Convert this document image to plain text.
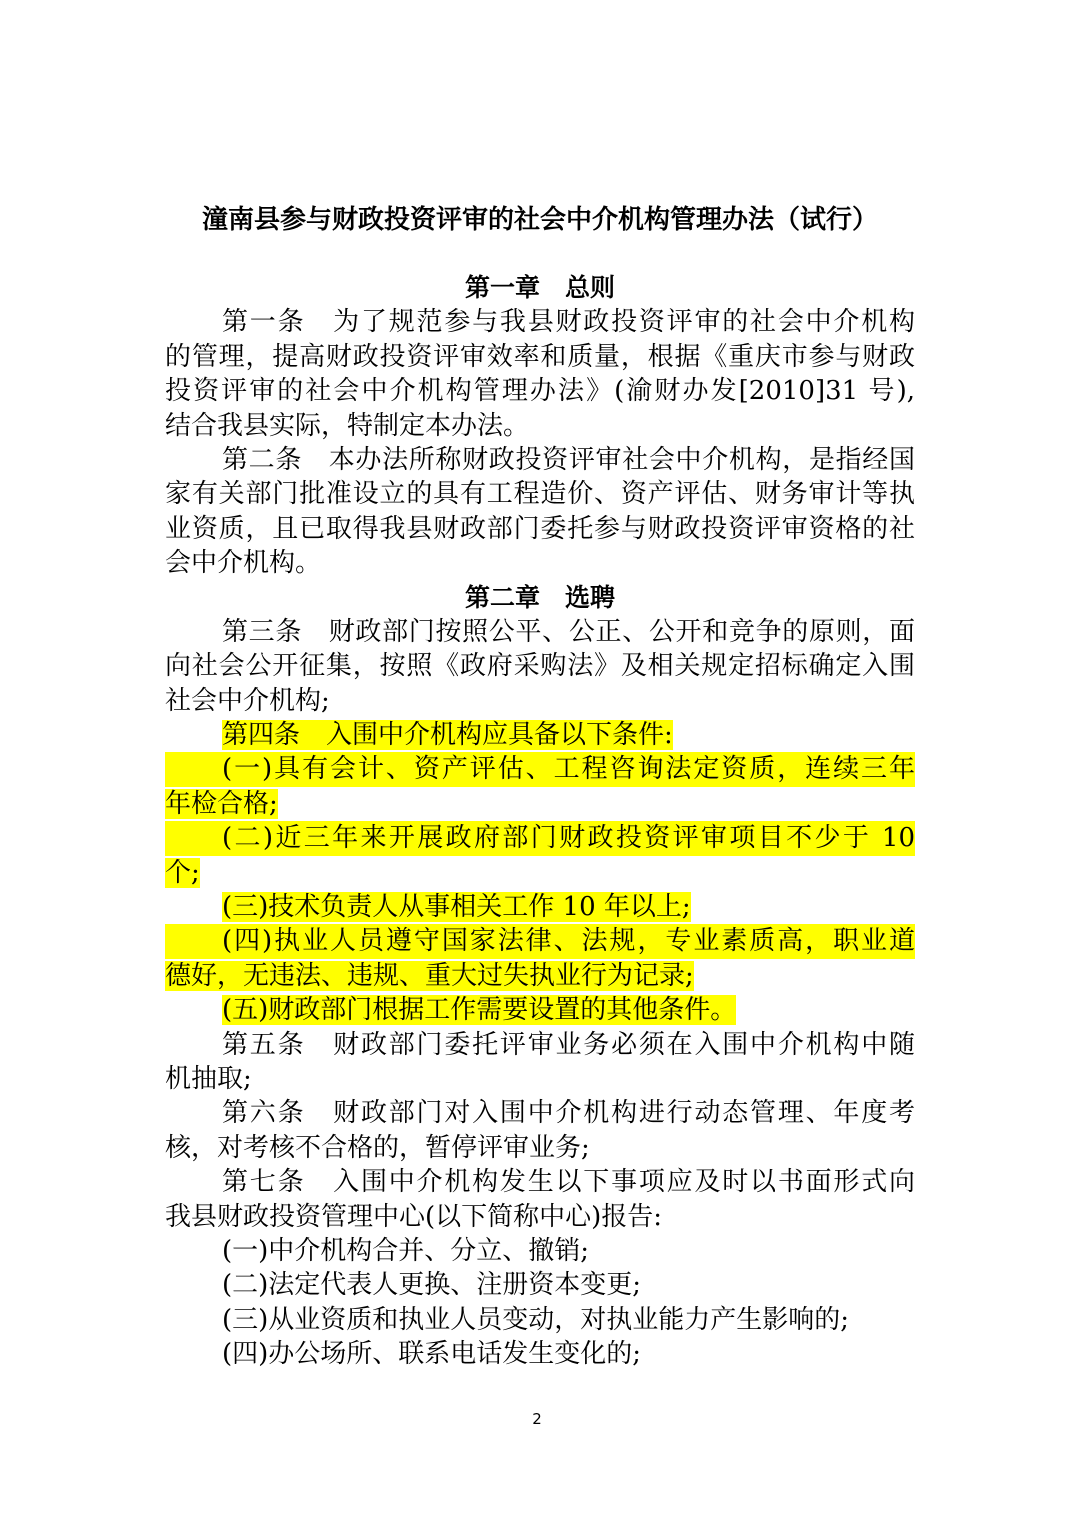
潼南县参与财政投资评审的社会中介机构管理办法（试行）
第一章　总则
第一条　为了规范参与我县财政投资评审的社会中介机构
的管理，提高财政投资评审效率和质量，根据《重庆市参与财政
投资评审的社会中介机构管理办法》(渝财办发[2010]31 号),
结合我县实际，特制定本办法。
第二条　本办法所称财政投资评审社会中介机构，是指经国
家有关部门批准设立的具有工程造价、资产评估、财务审计等执
业资质，且已取得我县财政部门委托参与财政投资评审资格的社
会中介机构。
第二章　选聘
第三条　财政部门按照公平、公正、公开和竞争的原则，面
向社会公开征集，按照《政府采购法》及相关规定招标确定入围
社会中介机构;
第四条　入围中介机构应具备以下条件:
(一)具有会计、资产评估、工程咨询法定资质，连续三年
年检合格;
(二)近三年来开展政府部门财政投资评审项目不少于 10
个;
(三)技术负责人从事相关工作 10 年以上;
(四)执业人员遵守国家法律、法规，专业素质高，职业道
德好，无违法、违规、重大过失执业行为记录;
(五)财政部门根据工作需要设置的其他条件。
第五条　财政部门委托评审业务必须在入围中介机构中随
机抽取;
第六条　财政部门对入围中介机构进行动态管理、年度考
核，对考核不合格的，暂停评审业务;
第七条　入围中介机构发生以下事项应及时以书面形式向
我县财政投资管理中心(以下简称中心)报告:
(一)中介机构合并、分立、撤销;
(二)法定代表人更换、注册资本变更;
(三)从业资质和执业人员变动，对执业能力产生影响的;
(四)办公场所、联系电话发生变化的;
2
